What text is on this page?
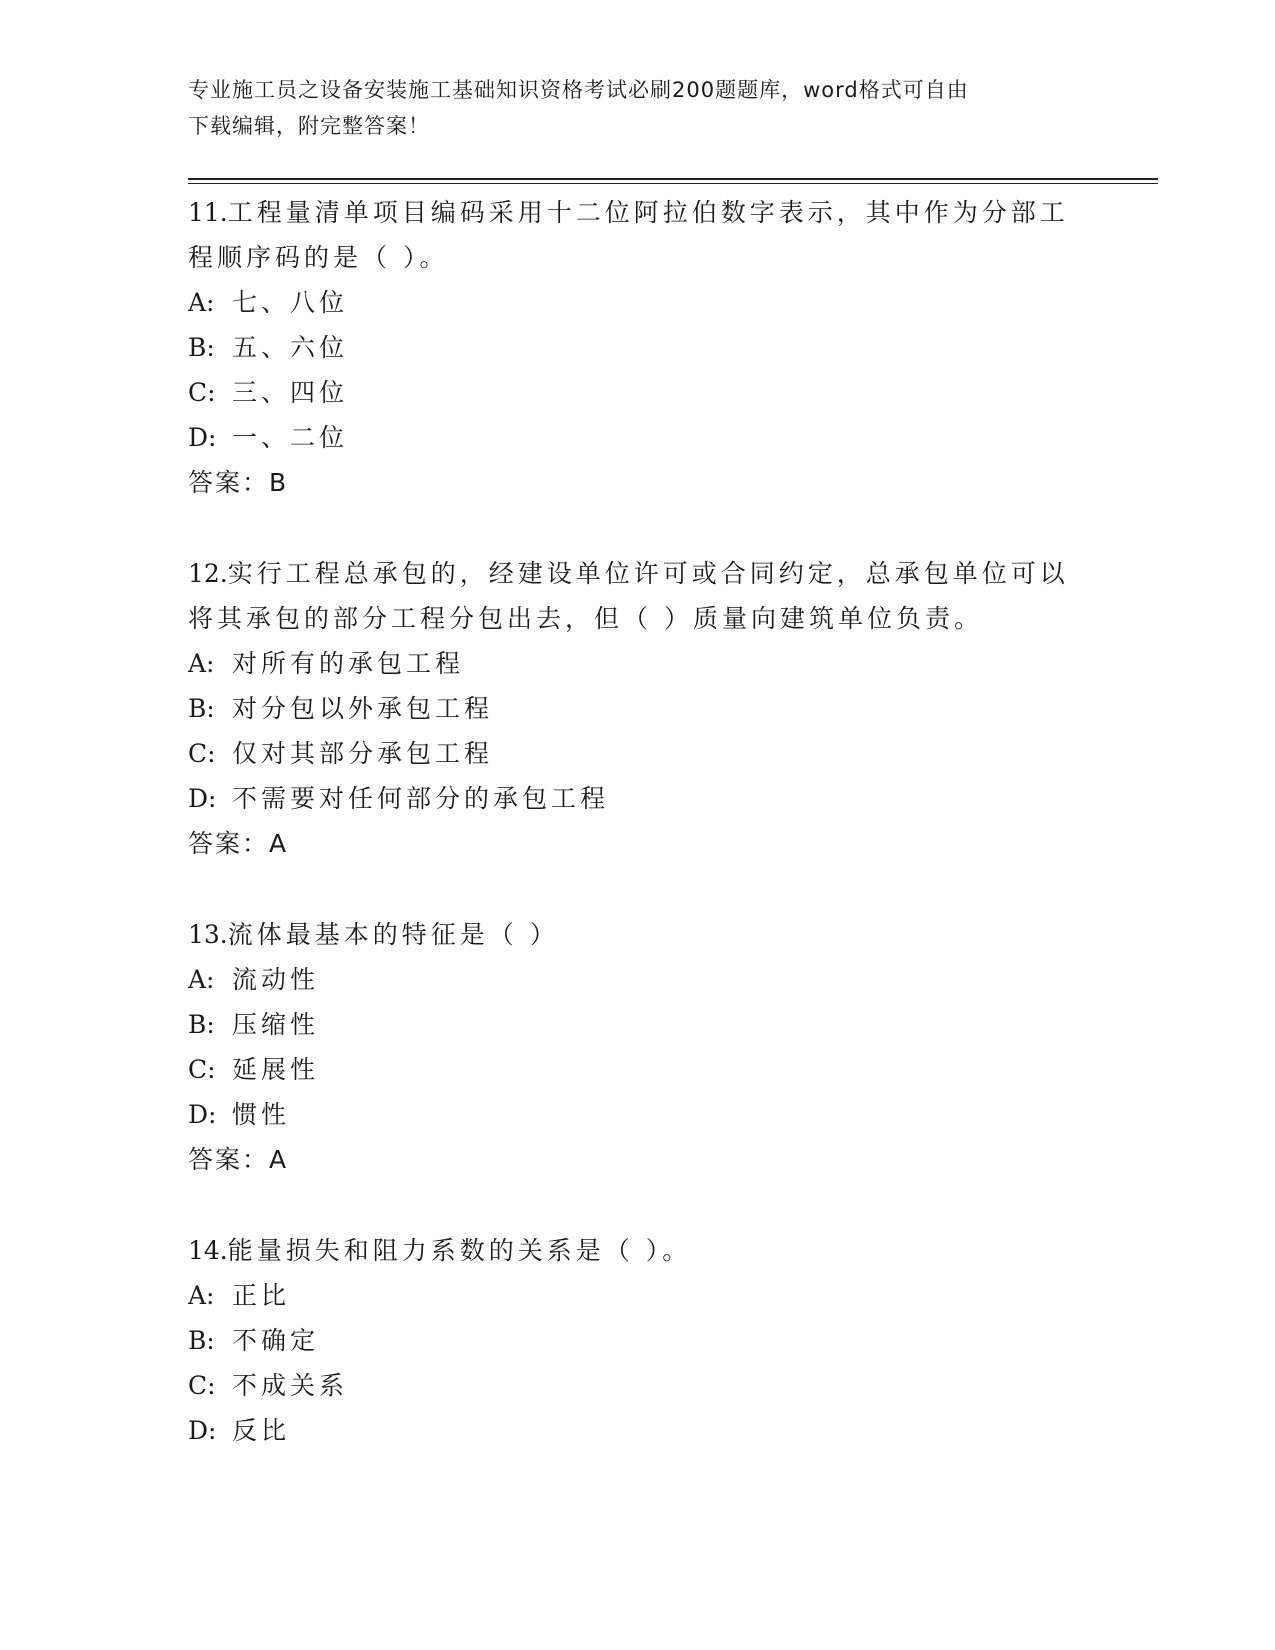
专业施工员之设备安装施工基础知识资格考试必刷200题题库，word格式可自由
下载编辑，附完整答案！
11.工程量清单项目编码采用十二位阿拉伯数字表示，其中作为分部工
程顺序码的是（ ）。
A: 七、八位
B: 五、六位
C: 三、四位
D: 一、二位
答案：B
12.实行工程总承包的，经建设单位许可或合同约定，总承包单位可以
将其承包的部分工程分包出去，但（ ）质量向建筑单位负责。
A: 对所有的承包工程
B: 对分包以外承包工程
C: 仅对其部分承包工程
D: 不需要对任何部分的承包工程
答案：A
13.流体最基本的特征是（ ）
A: 流动性
B: 压缩性
C: 延展性
D: 惯性
答案：A
14.能量损失和阻力系数的关系是（ ）。
A: 正比
B: 不确定
C: 不成关系
D: 反比
